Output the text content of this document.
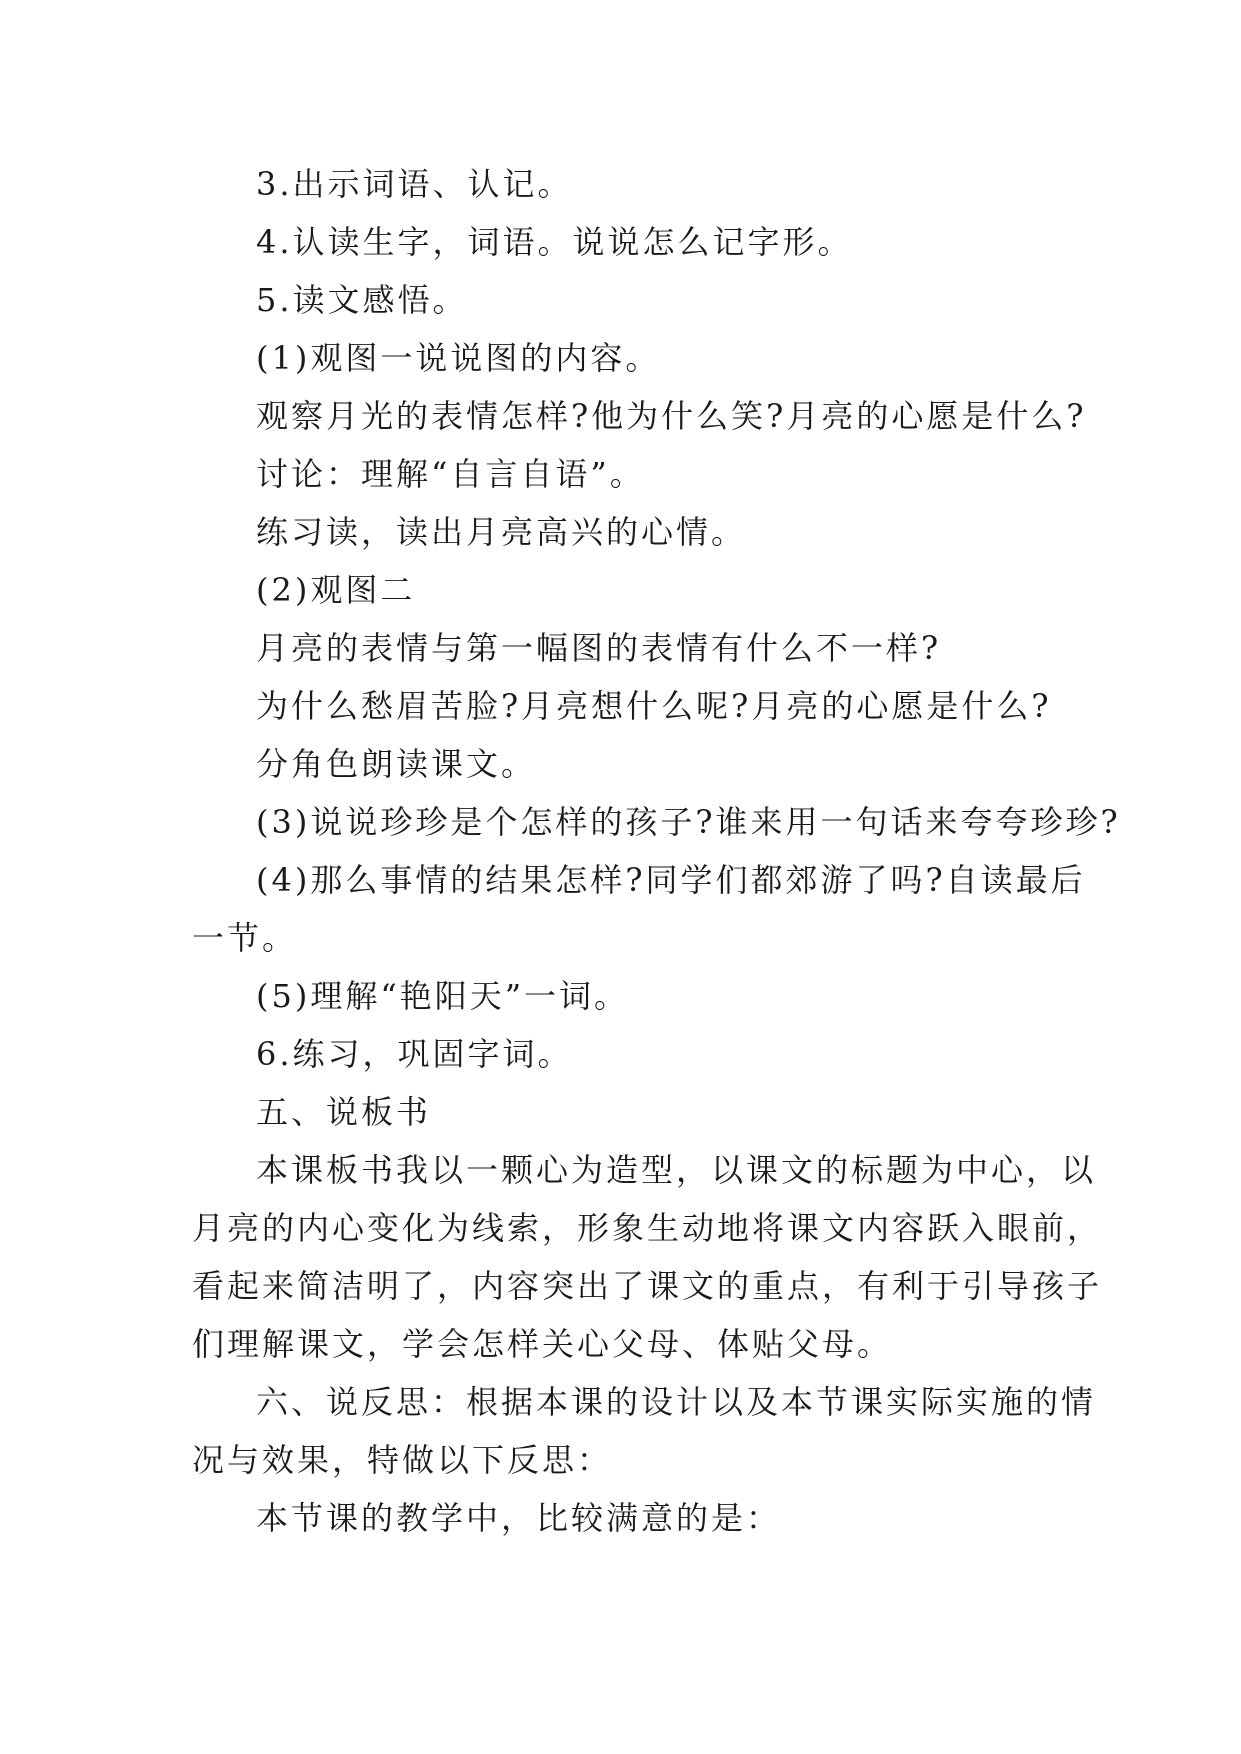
3.出示词语、认记。
4.认读生字，词语。说说怎么记字形。
5.读文感悟。
(1)观图一说说图的内容。
观察月光的表情怎样?他为什么笑?月亮的心愿是什么?
讨论：理解“自言自语”。
练习读，读出月亮高兴的心情。
(2)观图二
月亮的表情与第一幅图的表情有什么不一样?
为什么愁眉苦脸?月亮想什么呢?月亮的心愿是什么?
分角色朗读课文。
(3)说说珍珍是个怎样的孩子?谁来用一句话来夸夸珍珍?
(4)那么事情的结果怎样?同学们都郊游了吗?自读最后
一节。
(5)理解“艳阳天”一词。
6.练习，巩固字词。
五、说板书
本课板书我以一颗心为造型，以课文的标题为中心，以
月亮的内心变化为线索，形象生动地将课文内容跃入眼前，
看起来简洁明了，内容突出了课文的重点，有利于引导孩子
们理解课文，学会怎样关心父母、体贴父母。
六、说反思：根据本课的设计以及本节课实际实施的情
况与效果，特做以下反思：
本节课的教学中，比较满意的是：
